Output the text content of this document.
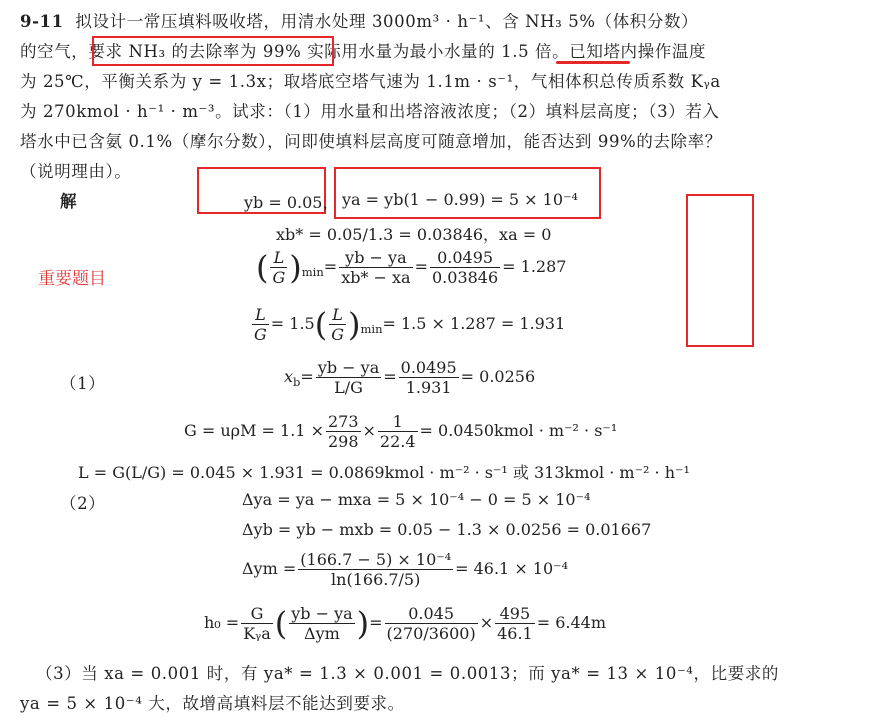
9-11 拟设计一常压填料吸收塔，用清水处理 3000m³ · h⁻¹、含 NH₃ 5%（体积分数）
的空气，要求 NH₃ 的去除率为 99% 实际用水量为最小水量的 1.5 倍。已知塔内操作温度
为 25℃，平衡关系为 y = 1.3x；取塔底空塔气速为 1.1m · s⁻¹，气相体积总传质系数 Kᵧa
为 270kmol · h⁻¹ · m⁻³。试求：（1）用水量和出塔溶液浓度；（2）填料层高度；（3）若入
塔水中已含氨 0.1%（摩尔分数），问即使填料层高度可随意增加，能否达到 99%的去除率？
（说明理由）。
重要题目
解	yb = 0.05， ya = yb(1 − 0.99) = 5 × 10⁻⁴
xb* = 0.05/1.3 = 0.03846，xa = 0
( $\frac{L}{G} )_{min}= \frac{yb - ya}{xb* - xa} = \frac{0.0495}{0.03846} = 1.287$
$\frac{L}{G} = 1.5( \frac{L}{G} )_{min}= 1.5 \times 1.287 = 1.931$
（1）	$x_b= \frac{yb - ya}{L/G} = \frac{0.0495}{1.931} = 0.0256$
$G = u\rho M = 1.1 \times \frac{273}{298} \times \frac{1}{22.4}$ = 0.0450kmol · m⁻² · s⁻¹
L = G(L/G) = 0.045 × 1.931 = 0.0869kmol · m⁻² · s⁻¹ 或 313kmol · m⁻² · h⁻¹
（2）	Δya = ya − mxa = 5 × 10⁻⁴ − 0 = 5 × 10⁻⁴
Δyb = yb − mxb = 0.05 − 1.3 × 0.0256 = 0.01667
$\Delta ym = \frac{\text{(166.7 − 5) × 10⁻⁴}}{\ln(166.7/5)} = 46.1 \times 10^{-4}$
$h_0 = \frac{G}{\text{Kᵧa}}$ ( $\frac{yb - ya}{\text{Δym}}$ )= $\frac{0.045}{(270/3600)} \times \frac{495}{46.1} = 6.44m$
（3）当 xa = 0.001 时，有 ya* = 1.3 × 0.001 = 0.0013；而 ya* = 13 × 10⁻⁴，比要求的
ya = 5 × 10⁻⁴ 大，故增高填料层不能达到要求。
